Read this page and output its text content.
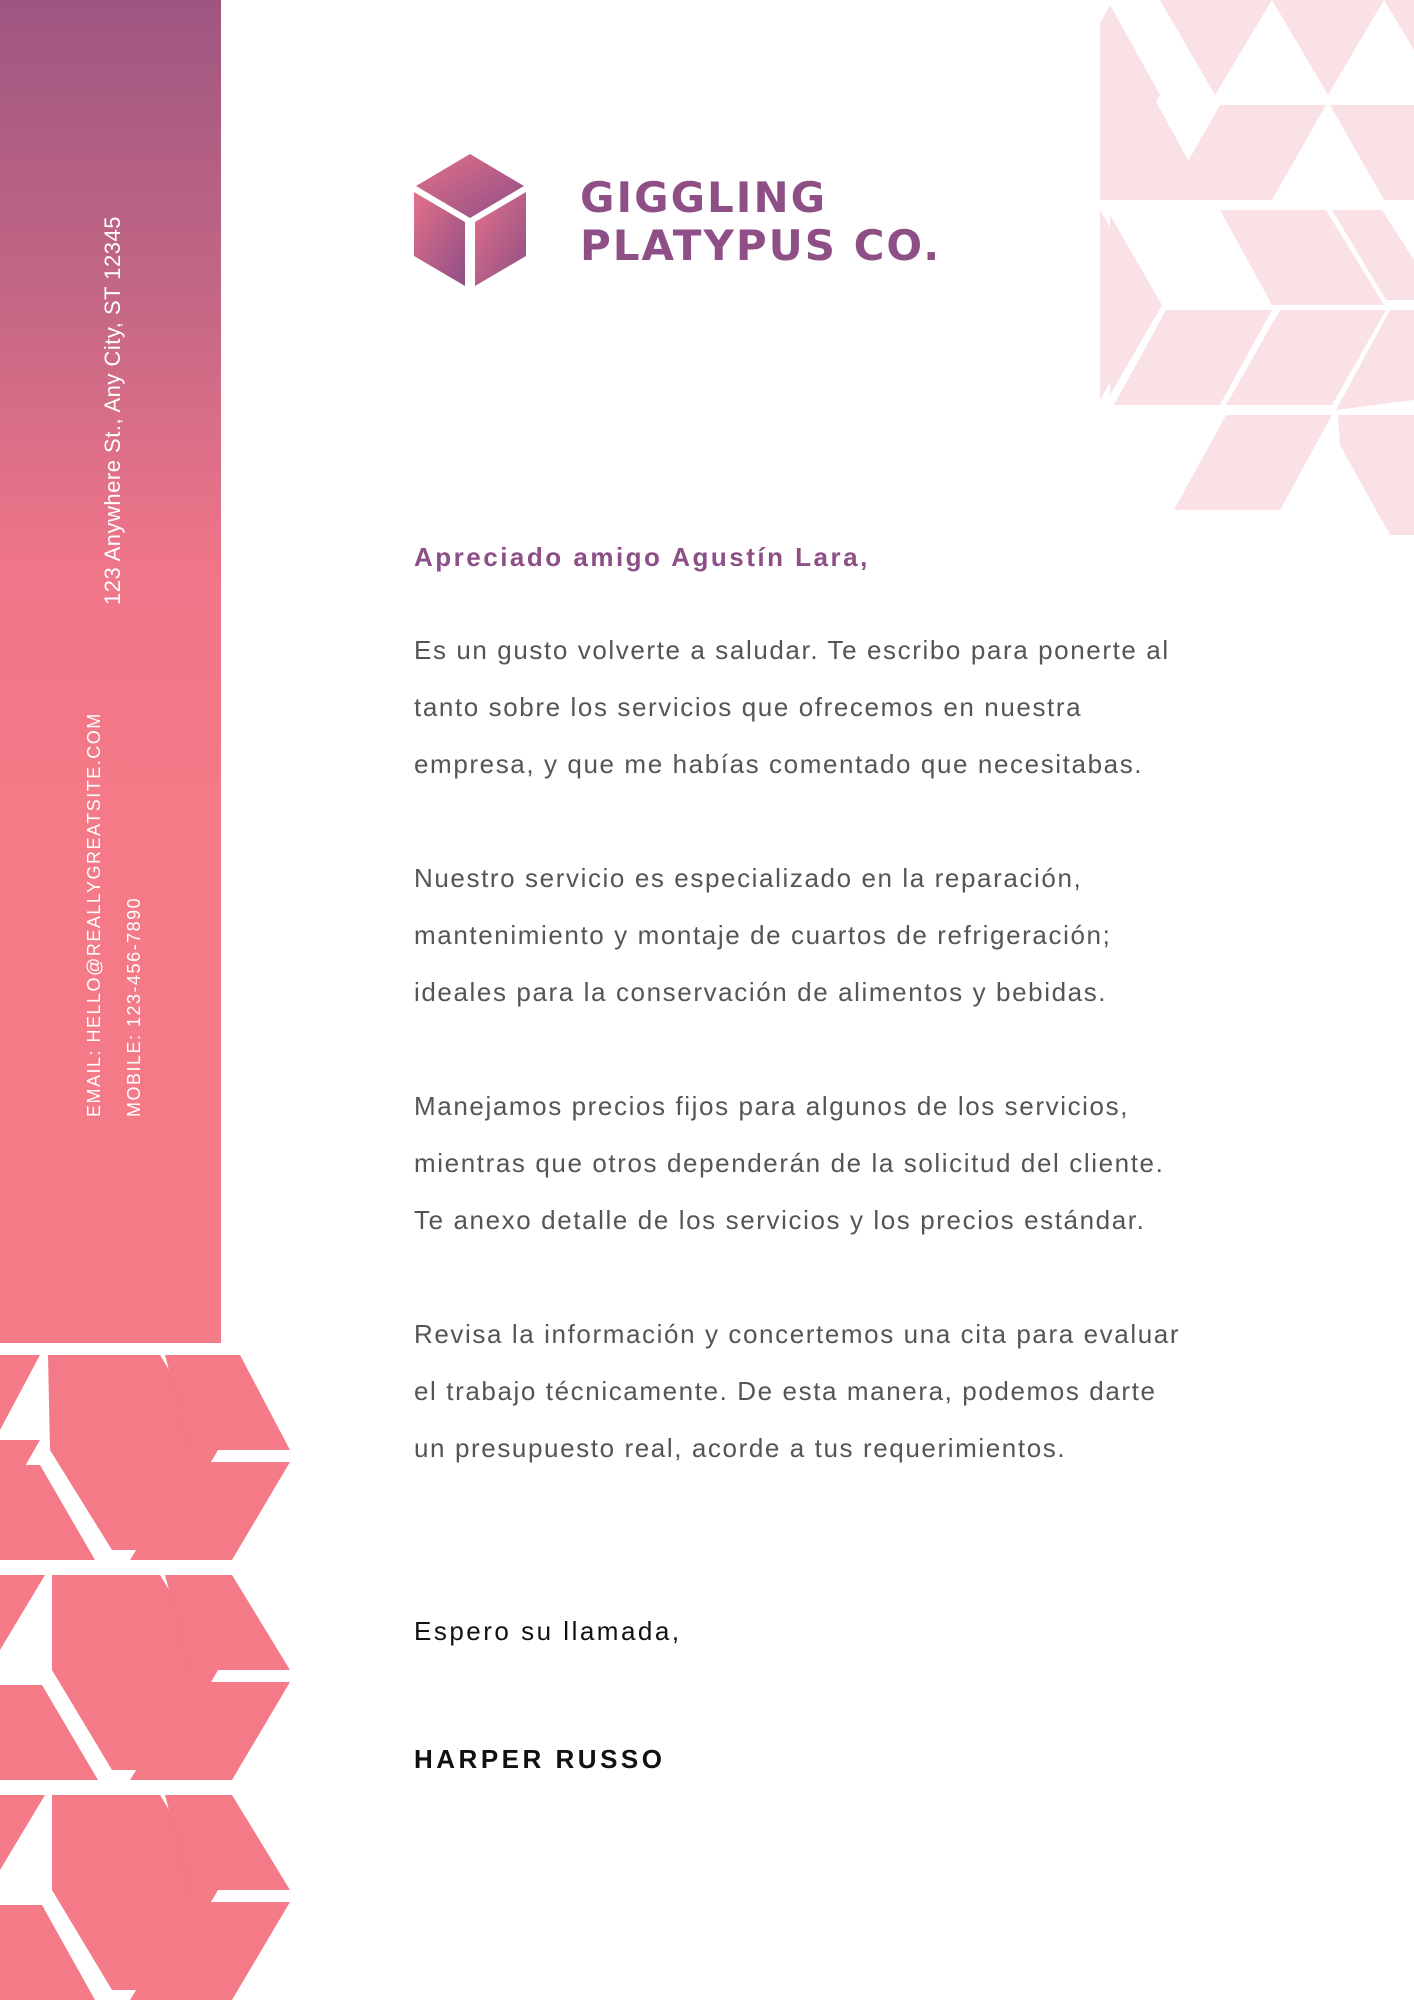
123 Anywhere St., Any City, ST 12345
EMAIL: HELLO@REALLYGREATSITE.COM MOBILE: 123-456-7890
GIGGLING
PLATYPUS CO.
Apreciado amigo Agustín Lara,
Es un gusto volverte a saludar. Te escribo para ponerte al
tanto sobre los servicios que ofrecemos en nuestra
empresa, y que me habías comentado que necesitabas.
Nuestro servicio es especializado en la reparación,
mantenimiento y montaje de cuartos de refrigeración;
ideales para la conservación de alimentos y bebidas.
Manejamos precios fijos para algunos de los servicios,
mientras que otros dependerán de la solicitud del cliente.
Te anexo detalle de los servicios y los precios estándar.
Revisa la información y concertemos una cita para evaluar
el trabajo técnicamente. De esta manera, podemos darte
un presupuesto real, acorde a tus requerimientos.
Espero su llamada,
HARPER RUSSO
